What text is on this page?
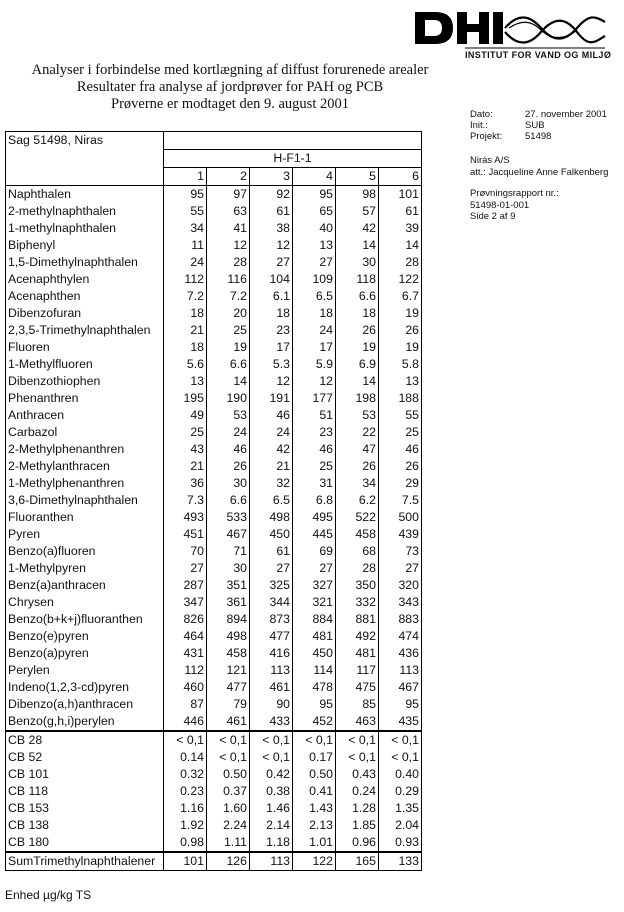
INSTITUT FOR VAND OG MILJØ
Analyser i forbindelse med kortlægning af diffust forurenede arealer
Resultater fra analyse af jordprøver for PAH og PCB
Prøverne er modtaget den 9. august 2001
Dato:	27. november 2001
Init.:	SUB
Projekt:	51498
Nirás A/S
att.: Jacqueline Anne Falkenberg
Prøvningsrapport nr.:
51498-01-001
Side 2 af 9
Sag 51498, Niras						
	H-F1-1					
	1	2	3	4	5	6
Naphthalen	95	97	92	95	98	101
2-methylnaphthalen	55	63	61	65	57	61
1-methylnaphthalen	34	41	38	40	42	39
Biphenyl	11	12	12	13	14	14
1,5-Dimethylnaphthalen	24	28	27	27	30	28
Acenaphthylen	112	116	104	109	118	122
Acenaphthen	7.2	7.2	6.1	6.5	6.6	6.7
Dibenzofuran	18	20	18	18	18	19
2,3,5-Trimethylnaphthalen	21	25	23	24	26	26
Fluoren	18	19	17	17	19	19
1-Methylfluoren	5.6	6.6	5.3	5.9	6.9	5.8
Dibenzothiophen	13	14	12	12	14	13
Phenanthren	195	190	191	177	198	188
Anthracen	49	53	46	51	53	55
Carbazol	25	24	24	23	22	25
2-Methylphenanthren	43	46	42	46	47	46
2-Methylanthracen	21	26	21	25	26	26
1-Methylphenanthren	36	30	32	31	34	29
3,6-Dimethylnaphthalen	7.3	6.6	6.5	6.8	6.2	7.5
Fluoranthen	493	533	498	495	522	500
Pyren	451	467	450	445	458	439
Benzo(a)fluoren	70	71	61	69	68	73
1-Methylpyren	27	30	27	27	28	27
Benz(a)anthracen	287	351	325	327	350	320
Chrysen	347	361	344	321	332	343
Benzo(b+k+j)fluoranthen	826	894	873	884	881	883
Benzo(e)pyren	464	498	477	481	492	474
Benzo(a)pyren	431	458	416	450	481	436
Perylen	112	121	113	114	117	113
Indeno(1,2,3-cd)pyren	460	477	461	478	475	467
Dibenzo(a,h)anthracen	87	79	90	95	85	95
Benzo(g,h,i)perylen	446	461	433	452	463	435
CB 28	< 0,1	< 0,1	< 0,1	< 0,1	< 0,1	< 0,1
CB 52	0.14	< 0,1	< 0,1	0.17	< 0,1	< 0,1
CB 101	0.32	0.50	0.42	0.50	0.43	0.40
CB 118	0.23	0.37	0.38	0.41	0.24	0.29
CB 153	1.16	1.60	1.46	1.43	1.28	1.35
CB 138	1.92	2.24	2.14	2.13	1.85	2.04
CB 180	0.98	1.11	1.18	1.01	0.96	0.93
SumTrimethylnaphthalener	101	126	113	122	165	133
Enhed µg/kg TS
